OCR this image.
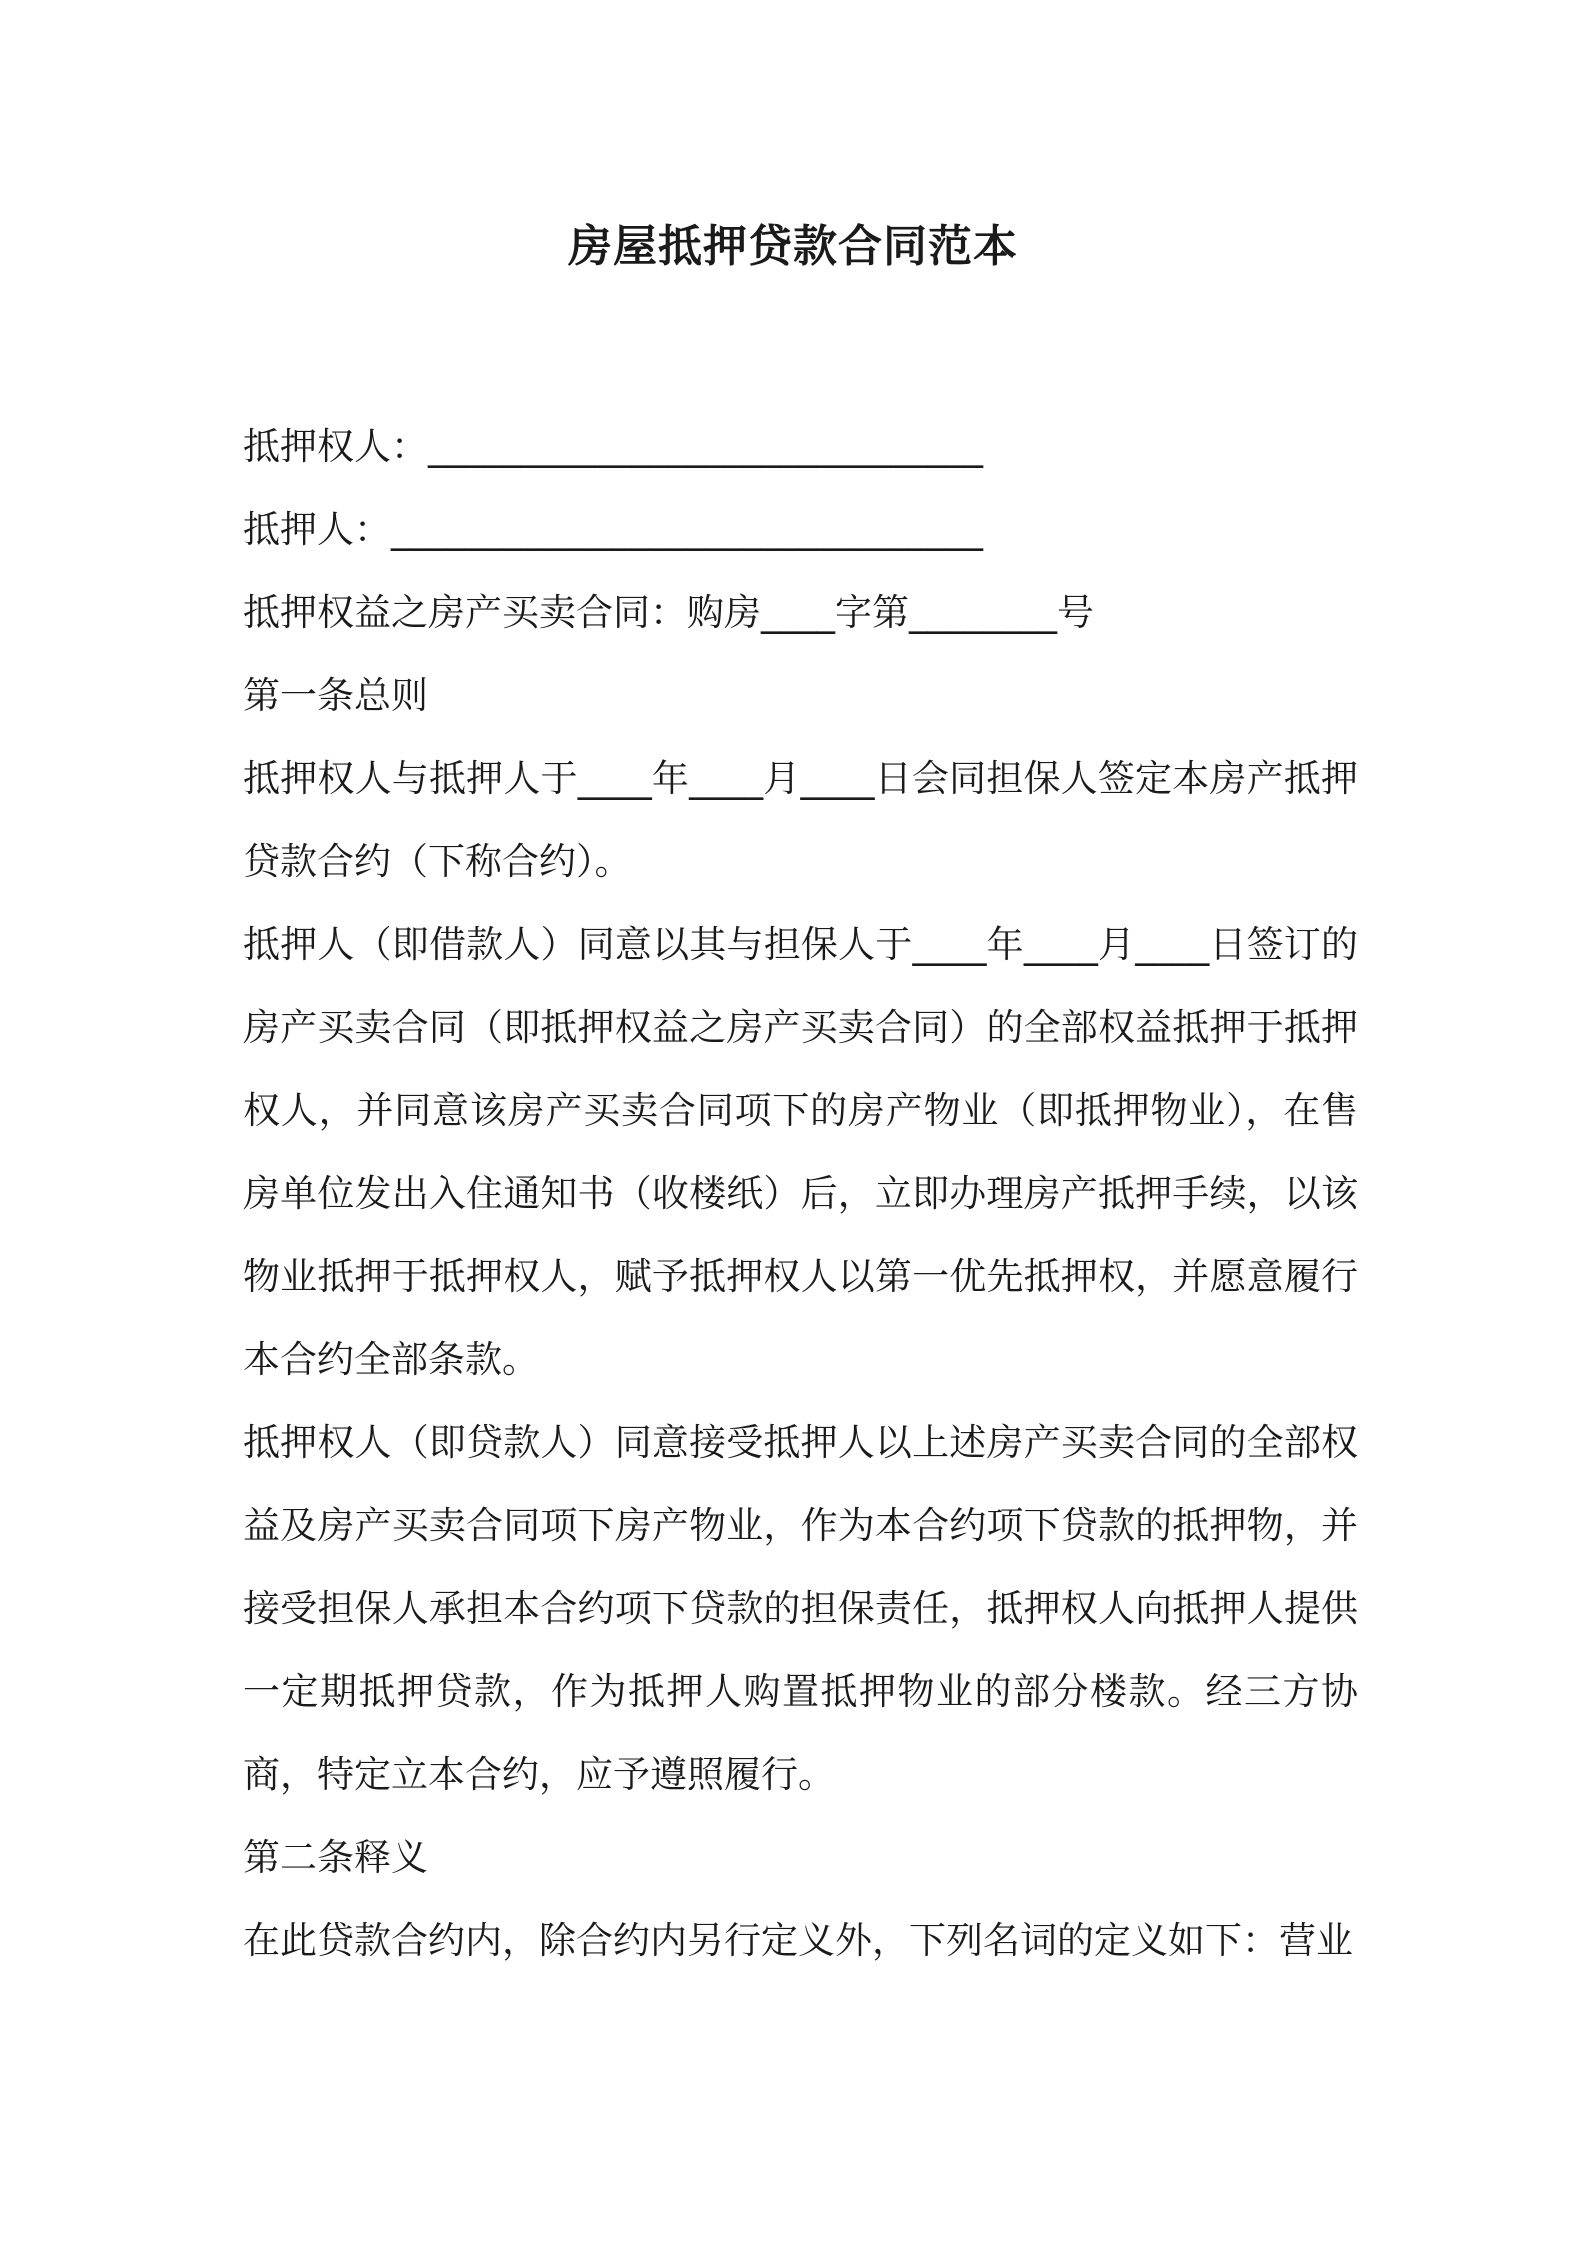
房屋抵押贷款合同范本

抵押权人：______________________________

抵押人：________________________________

抵押权益之房产买卖合同：购房____字第________号

第一条总则

抵押权人与抵押人于____年____月____日会同担保人签定本房产抵押贷款合约（下称合约）。

抵押人（即借款人）同意以其与担保人于____年____月____日签订的房产买卖合同（即抵押权益之房产买卖合同）的全部权益抵押于抵押权人，并同意该房产买卖合同项下的房产物业（即抵押物业），在售房单位发出入住通知书（收楼纸）后，立即办理房产抵押手续，以该物业抵押于抵押权人，赋予抵押权人以第一优先抵押权，并愿意履行本合约全部条款。

抵押权人（即贷款人）同意接受抵押人以上述房产买卖合同的全部权益及房产买卖合同项下房产物业，作为本合约项下贷款的抵押物，并接受担保人承担本合约项下贷款的担保责任，抵押权人向抵押人提供一定期抵押贷款，作为抵押人购置抵押物业的部分楼款。经三方协商，特定立本合约，应予遵照履行。

第二条释义

在此贷款合约内，除合约内另行定义外，下列名词的定义如下：营业
